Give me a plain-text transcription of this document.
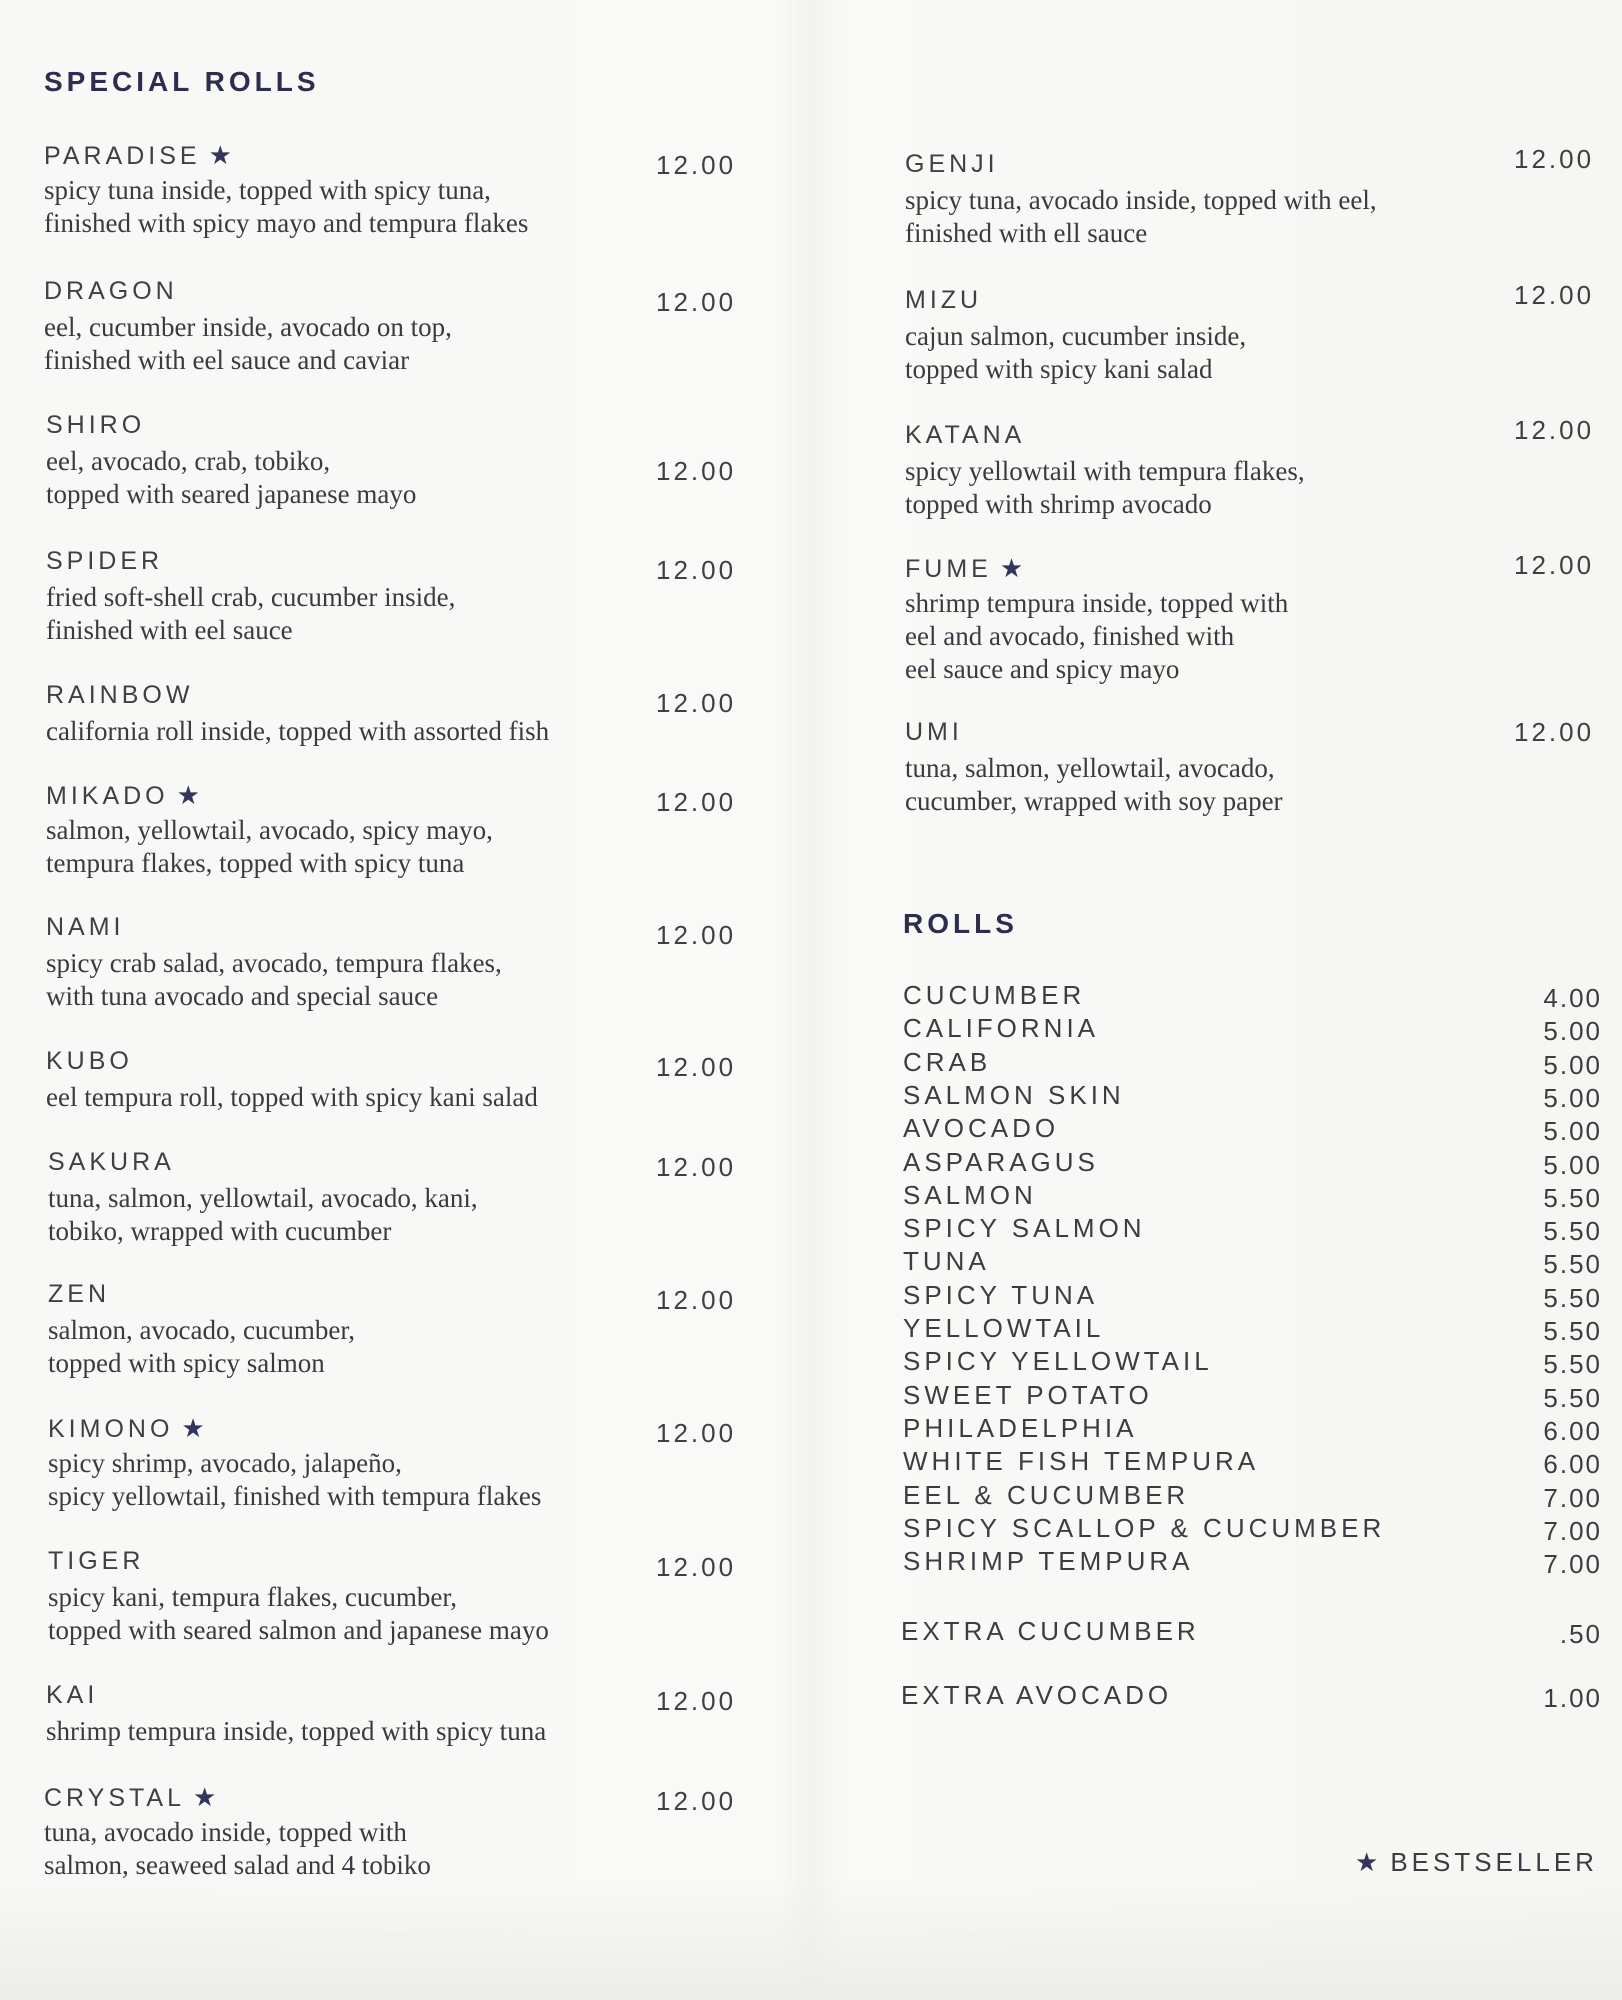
SPECIAL ROLLS
PARADISE ★
spicy tuna inside, topped with spicy tuna,
finished with spicy mayo and tempura flakes
12.00
DRAGON
eel, cucumber inside, avocado on top,
finished with eel sauce and caviar
12.00
SHIRO
eel, avocado, crab, tobiko,
topped with seared japanese mayo
12.00
SPIDER
fried soft-shell crab, cucumber inside,
finished with eel sauce
12.00
RAINBOW
california roll inside, topped with assorted fish
12.00
MIKADO ★
salmon, yellowtail, avocado, spicy mayo,
tempura flakes, topped with spicy tuna
12.00
NAMI
spicy crab salad, avocado, tempura flakes,
with tuna avocado and special sauce
12.00
KUBO
eel tempura roll, topped with spicy kani salad
12.00
SAKURA
tuna, salmon, yellowtail, avocado, kani,
tobiko, wrapped with cucumber
12.00
ZEN
salmon, avocado, cucumber,
topped with spicy salmon
12.00
KIMONO ★
spicy shrimp, avocado, jalapeño,
spicy yellowtail, finished with tempura flakes
12.00
TIGER
spicy kani, tempura flakes, cucumber,
topped with seared salmon and japanese mayo
12.00
KAI
shrimp tempura inside, topped with spicy tuna
12.00
CRYSTAL ★
tuna, avocado inside, topped with
salmon, seaweed salad and 4 tobiko
12.00
GENJI
spicy tuna, avocado inside, topped with eel,
finished with ell sauce
12.00
MIZU
cajun salmon, cucumber inside,
topped with spicy kani salad
12.00
KATANA
spicy yellowtail with tempura flakes,
topped with shrimp avocado
12.00
FUME ★
shrimp tempura inside, topped with
eel and avocado, finished with
eel sauce and spicy mayo
12.00
UMI
tuna, salmon, yellowtail, avocado,
cucumber, wrapped with soy paper
12.00
ROLLS
CUCUMBER	4.00
CALIFORNIA	5.00
CRAB	5.00
SALMON SKIN	5.00
AVOCADO	5.00
ASPARAGUS	5.00
SALMON	5.50
SPICY SALMON	5.50
TUNA	5.50
SPICY TUNA	5.50
YELLOWTAIL	5.50
SPICY YELLOWTAIL	5.50
SWEET POTATO	5.50
PHILADELPHIA	6.00
WHITE FISH TEMPURA	6.00
EEL & CUCUMBER	7.00
SPICY SCALLOP & CUCUMBER	7.00
SHRIMP TEMPURA	7.00
EXTRA CUCUMBER	.50
EXTRA AVOCADO	1.00
★ BESTSELLER
